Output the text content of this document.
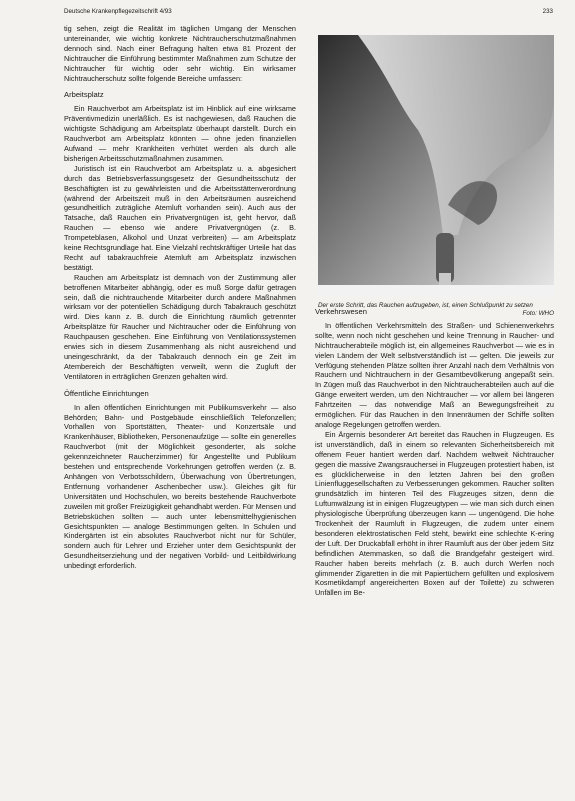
Deutsche Krankenpflegezeitschrift 4/93	233

tig sehen, zeigt die Realität im täglichen Umgang der Menschen untereinander, wie wichtig konkrete Nichtraucherschutzmaßnahmen dennoch sind. Nach einer Befragung halten etwa 81 Prozent der Nichtraucher die Einführung bestimmter Maßnahmen zum Schutze der Nichtraucher für wichtig oder sehr wichtig. Ein wirksamer Nichtraucherschutz sollte folgende Bereiche umfassen:

Arbeitsplatz

Ein Rauchverbot am Arbeitsplatz ist im Hinblick auf eine wirksame Präventivmedizin unerläßlich. Es ist nachgewiesen, daß Rauchen die wichtigste Schädigung am Arbeitsplatz überhaupt darstellt. Durch ein Rauchverbot am Arbeitsplatz könnten — ohne jeden finanziellen Aufwand — mehr Krankheiten verhütet werden als durch alle bisherigen Arbeitsschutzmaßnahmen zusammen.

Juristisch ist ein Rauchverbot am Arbeitsplatz u. a. abgesichert durch das Betriebsverfassungsgesetz der Gesundheitsschutz der Beschäftigten ist zu gewährleisten und die Arbeitsstättenverordnung (während der Arbeitszeit muß in den Arbeitsräumen ausreichend gesundheitlich zuträgliche Atemluft vorhanden sein). Auch aus der Tatsache, daß Rauchen ein Privatvergnügen ist, geht hervor, daß Rauchen — ebenso wie andere Privatvergnügen (z. B. Trompeteblasen, Alkohol und Unzat verbreiten) — am Arbeitsplatz keine Rechtsgrundlage hat. Eine Vielzahl rechtskräftiger Urteile hat das Recht auf tabakrauchfreie Atemluft am Arbeitsplatz inzwischen bestätigt.

Rauchen am Arbeitsplatz ist demnach von der Zustimmung aller betroffenen Mitarbeiter abhängig, oder es muß Sorge dafür getragen sein, daß die nichtrauchende Mitarbeiter durch andere Maßnahmen wirksam vor der potentiellen Schädigung durch Tabakrauch geschützt wird. Dies kann z. B. durch die Einrichtung räumlich getrennter Arbeitsplätze für Raucher und Nichtraucher oder die Einführung von Rauchpausen geschehen. Eine Einführung von Ventilationssystemen erwies sich in diesem Zusammenhang als nicht ausreichend und uneingeschränkt, da der Tabakrauch dennoch ein ge Zeit im Atembereich der Beschäftigten verweilt, wenn die Zugluft der Ventilatoren in erträglichen Grenzen gehalten wird.

Öffentliche Einrichtungen

In allen öffentlichen Einrichtungen mit Publikumsverkehr — also Behörden; Bahn- und Postgebäude einschließlich Telefonzellen; Vorhallen von Sportstätten, Theater- und Konzertsäle und Krankenhäuser, Bibliotheken, Personenaufzüge — sollte ein generelles Rauchverbot (mit der Möglichkeit gesonderter, als solche gekennzeichneter Raucherzimmer) für Angestellte und Publikum bestehen und entsprechende Vorkehrungen getroffen werden (z. B. Anhängen von Verbotsschildern, Überwachung von Übertretungen, Entfernung vorhandener Aschenbecher usw.). Gleiches gilt für Universitäten und Hochschulen, wo bereits bestehende Rauchverbote zuweilen mit großer Freizügigkeit gehandhabt werden. Für Mensen und Betriebsküchen sollten — auch unter lebensmittelhygienischen Gesichtspunkten — analoge Bestimmungen gelten. In Schulen und Kindergärten ist ein absolutes Rauchverbot nicht nur für Schüler, sondern auch für Lehrer und Erzieher unter dem Gesichtspunkt der Gesundheitserziehung und der negativen Vorbild- und Leitbildwirkung unbedingt erforderlich.

Der erste Schritt, das Rauchen aufzugeben, ist, einen Schlußpunkt zu setzen
Foto: WHO
Verkehrswesen

In öffentlichen Verkehrsmitteln des Straßen- und Schienenverkehrs sollte, wenn noch nicht geschehen und keine Trennung in Raucher- und Nichtraucherabteile möglich ist, ein allgemeines Rauchverbot — wie es in vielen Ländern der Welt selbstverständlich ist — gelten. Die jeweils zur Verfügung stehenden Plätze sollten ihrer Anzahl nach dem Verhältnis von Rauchern und Nichtrauchern in der Gesamtbevölkerung angepaßt sein. In Zügen muß das Rauchverbot in den Nichtraucherabteilen auch auf die Gänge erweitert werden, um den Nichtraucher — vor allem bei längeren Fahrtzeiten — das notwendige Maß an Bewegungsfreiheit zu ermöglichen. Für das Rauchen in den Innenräumen der Schiffe sollten analoge Regelungen getroffen werden.

Ein Ärgernis besonderer Art bereitet das Rauchen in Flugzeugen. Es ist unverständlich, daß in einem so relevanten Sicherheitsbereich mit offenem Feuer hantiert werden darf. Nachdem weltweit Nichtraucher gegen die massive Zwangsrauchersei in Flugzeugen protestiert haben, ist es glücklicherweise in den letzten Jahren bei den großen Linienfluggesellschaften zu Verbesserungen gekommen. Raucher sollten grundsätzlich im hinteren Teil des Flugzeuges sitzen, denn die Luftumwälzung ist in einigen Flugzeugtypen — wie man sich durch einen physiologische Überprüfung überzeugen kann — ungenügend. Die hohe Trockenheit der Raumluft in Flugzeugen, die zudem unter einem besonderen elektrostatischen Feld steht, bewirkt eine schlechte K-ering der Luft. Der Druckabfall erhöht in ihrer Raumluft aus der über jedem Sitz befindlichen Atemmasken, so daß die Brandgefahr gesteigert wird. Raucher haben bereits mehrfach (z. B. auch durch Werfen noch glimmender Zigaretten in die mit Papiertüchern gefüllten und explosivem Kosmetikdampf angereicherten Boxen auf der Toilette) zu schweren Unfällen im Be-
